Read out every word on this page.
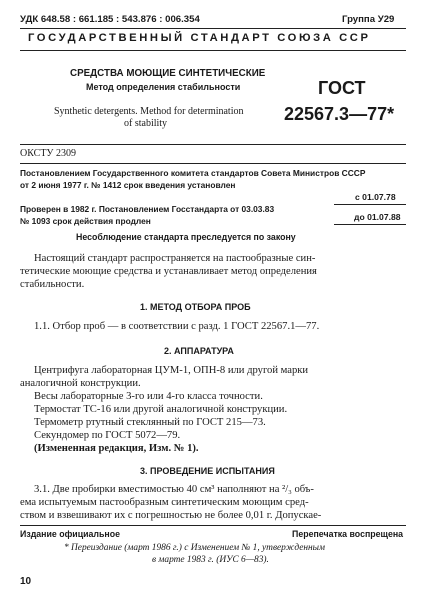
УДК 648.58 : 661.185 : 543.876 : 006.354	Группа У29
ГОСУДАРСТВЕННЫЙ СТАНДАРТ СОЮЗА ССР
СРЕДСТВА МОЮЩИЕ СИНТЕТИЧЕСКИЕ
Метод определения стабильности
Synthetic detergents. Method for determination
of stability
ГОСТ
22567.3—77*
ОКСТУ 2309
Постановлением Государственного комитета стандартов Совета Министров СССР
от 2 июня 1977 г. № 1412 срок введения установлен
с 01.07.78
Проверен в 1982 г. Постановлением Госстандарта от 03.03.83
№ 1093 срок действия продлен	до 01.07.88
Несоблюдение стандарта преследуется по закону
Настоящий стандарт распространяется на пастообразные син-
тетические моющие средства и устанавливает метод определения
стабильности.
1. МЕТОД ОТБОРА ПРОБ
1.1. Отбор проб — в соответствии с разд. 1 ГОСТ 22567.1—77.
2. АППАРАТУРА
Центрифуга лабораторная ЦУМ-1, ОПН-8 или другой марки
аналогичной конструкции.
Весы лабораторные 3-го или 4-го класса точности.
Термостат ТС-16 или другой аналогичной конструкции.
Термометр ртутный стеклянный по ГОСТ 215—73.
Секундомер по ГОСТ 5072—79.
(Измененная редакция, Изм. № 1).
3. ПРОВЕДЕНИЕ ИСПЫТАНИЯ
3.1. Две пробирки вместимостью 40 см³ наполняют на ²/₃ объ-
ема испытуемым пастообразным синтетическим моющим сред-
ством и взвешивают их с погрешностью не более 0,01 г. Допускае-
Издание официальное	Перепечатка воспрещена
* Переиздание (март 1986 г.) с Изменением № 1, утвержденным
в марте 1983 г. (ИУС 6—83).
10
